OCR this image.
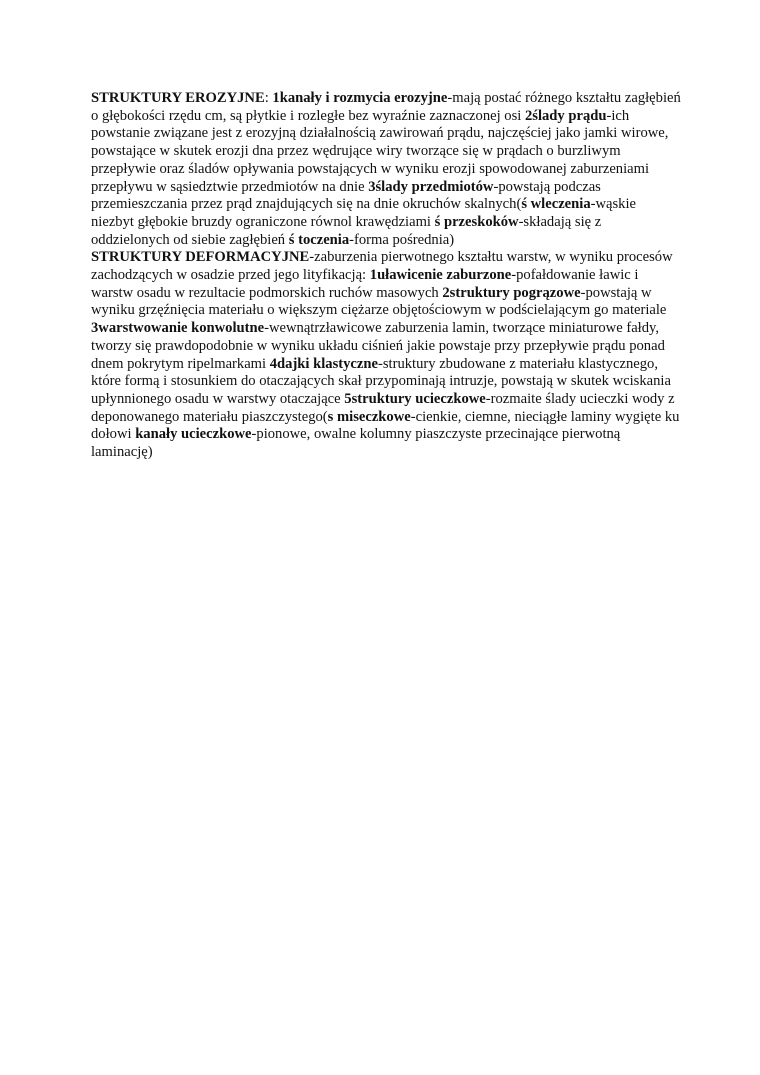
STRUKTURY EROZYJNE: 1kanały i rozmycia erozyjne-mają postać różnego kształtu zagłębień o głębokości rzędu cm, są płytkie i rozległe bez wyraźnie zaznaczonej osi 2ślady prądu-ich powstanie związane jest z erozyjną działalnością zawirowań prądu, najczęściej jako jamki wirowe, powstające w skutek erozji dna przez wędrujące wiry tworzące się w prądach o burzliwym przepływie oraz śladów opływania powstających w wyniku erozji spowodowanej zaburzeniami przepływu w sąsiedztwie przedmiotów na dnie 3ślady przedmiotów-powstają podczas przemieszczania przez prąd znajdujących się na dnie okruchów skalnych(ś wleczenia-wąskie niezbyt głębokie bruzdy ograniczone równol krawędziami ś przeskoków-składają się z oddzielonych od siebie zagłębień ś toczenia-forma pośrednia)

STRUKTURY DEFORMACYJNE-zaburzenia pierwotnego kształtu warstw, w wyniku procesów zachodzących w osadzie przed jego lityfikacją: 1uławicenie zaburzone-pofałdowanie ławic i warstw osadu w rezultacie podmorskich ruchów masowych 2struktury pogrązowe-powstają w wyniku grzęźnięcia materiału o większym ciężarze objętościowym w podścielającym go materiale 3warstwowanie konwolutne-wewnątrzławicowe zaburzenia lamin, tworzące miniaturowe fałdy, tworzy się prawdopodobnie w wyniku układu ciśnień jakie powstaje przy przepływie prądu ponad dnem pokrytym ripelmarkami 4dajki klastyczne-struktury zbudowane z materiału klastycznego, które formą i stosunkiem do otaczających skał przypominają intruzje, powstają w skutek wciskania upłynnionego osadu w warstwy otaczające 5struktury ucieczkowe-rozmaite ślady ucieczki wody z deponowanego materiału piaszczystego(s miseczkowe-cienkie, ciemne, nieciągłe laminy wygięte ku dołowi kanały ucieczkowe-pionowe, owalne kolumny piaszczyste przecinające pierwotną laminację)
